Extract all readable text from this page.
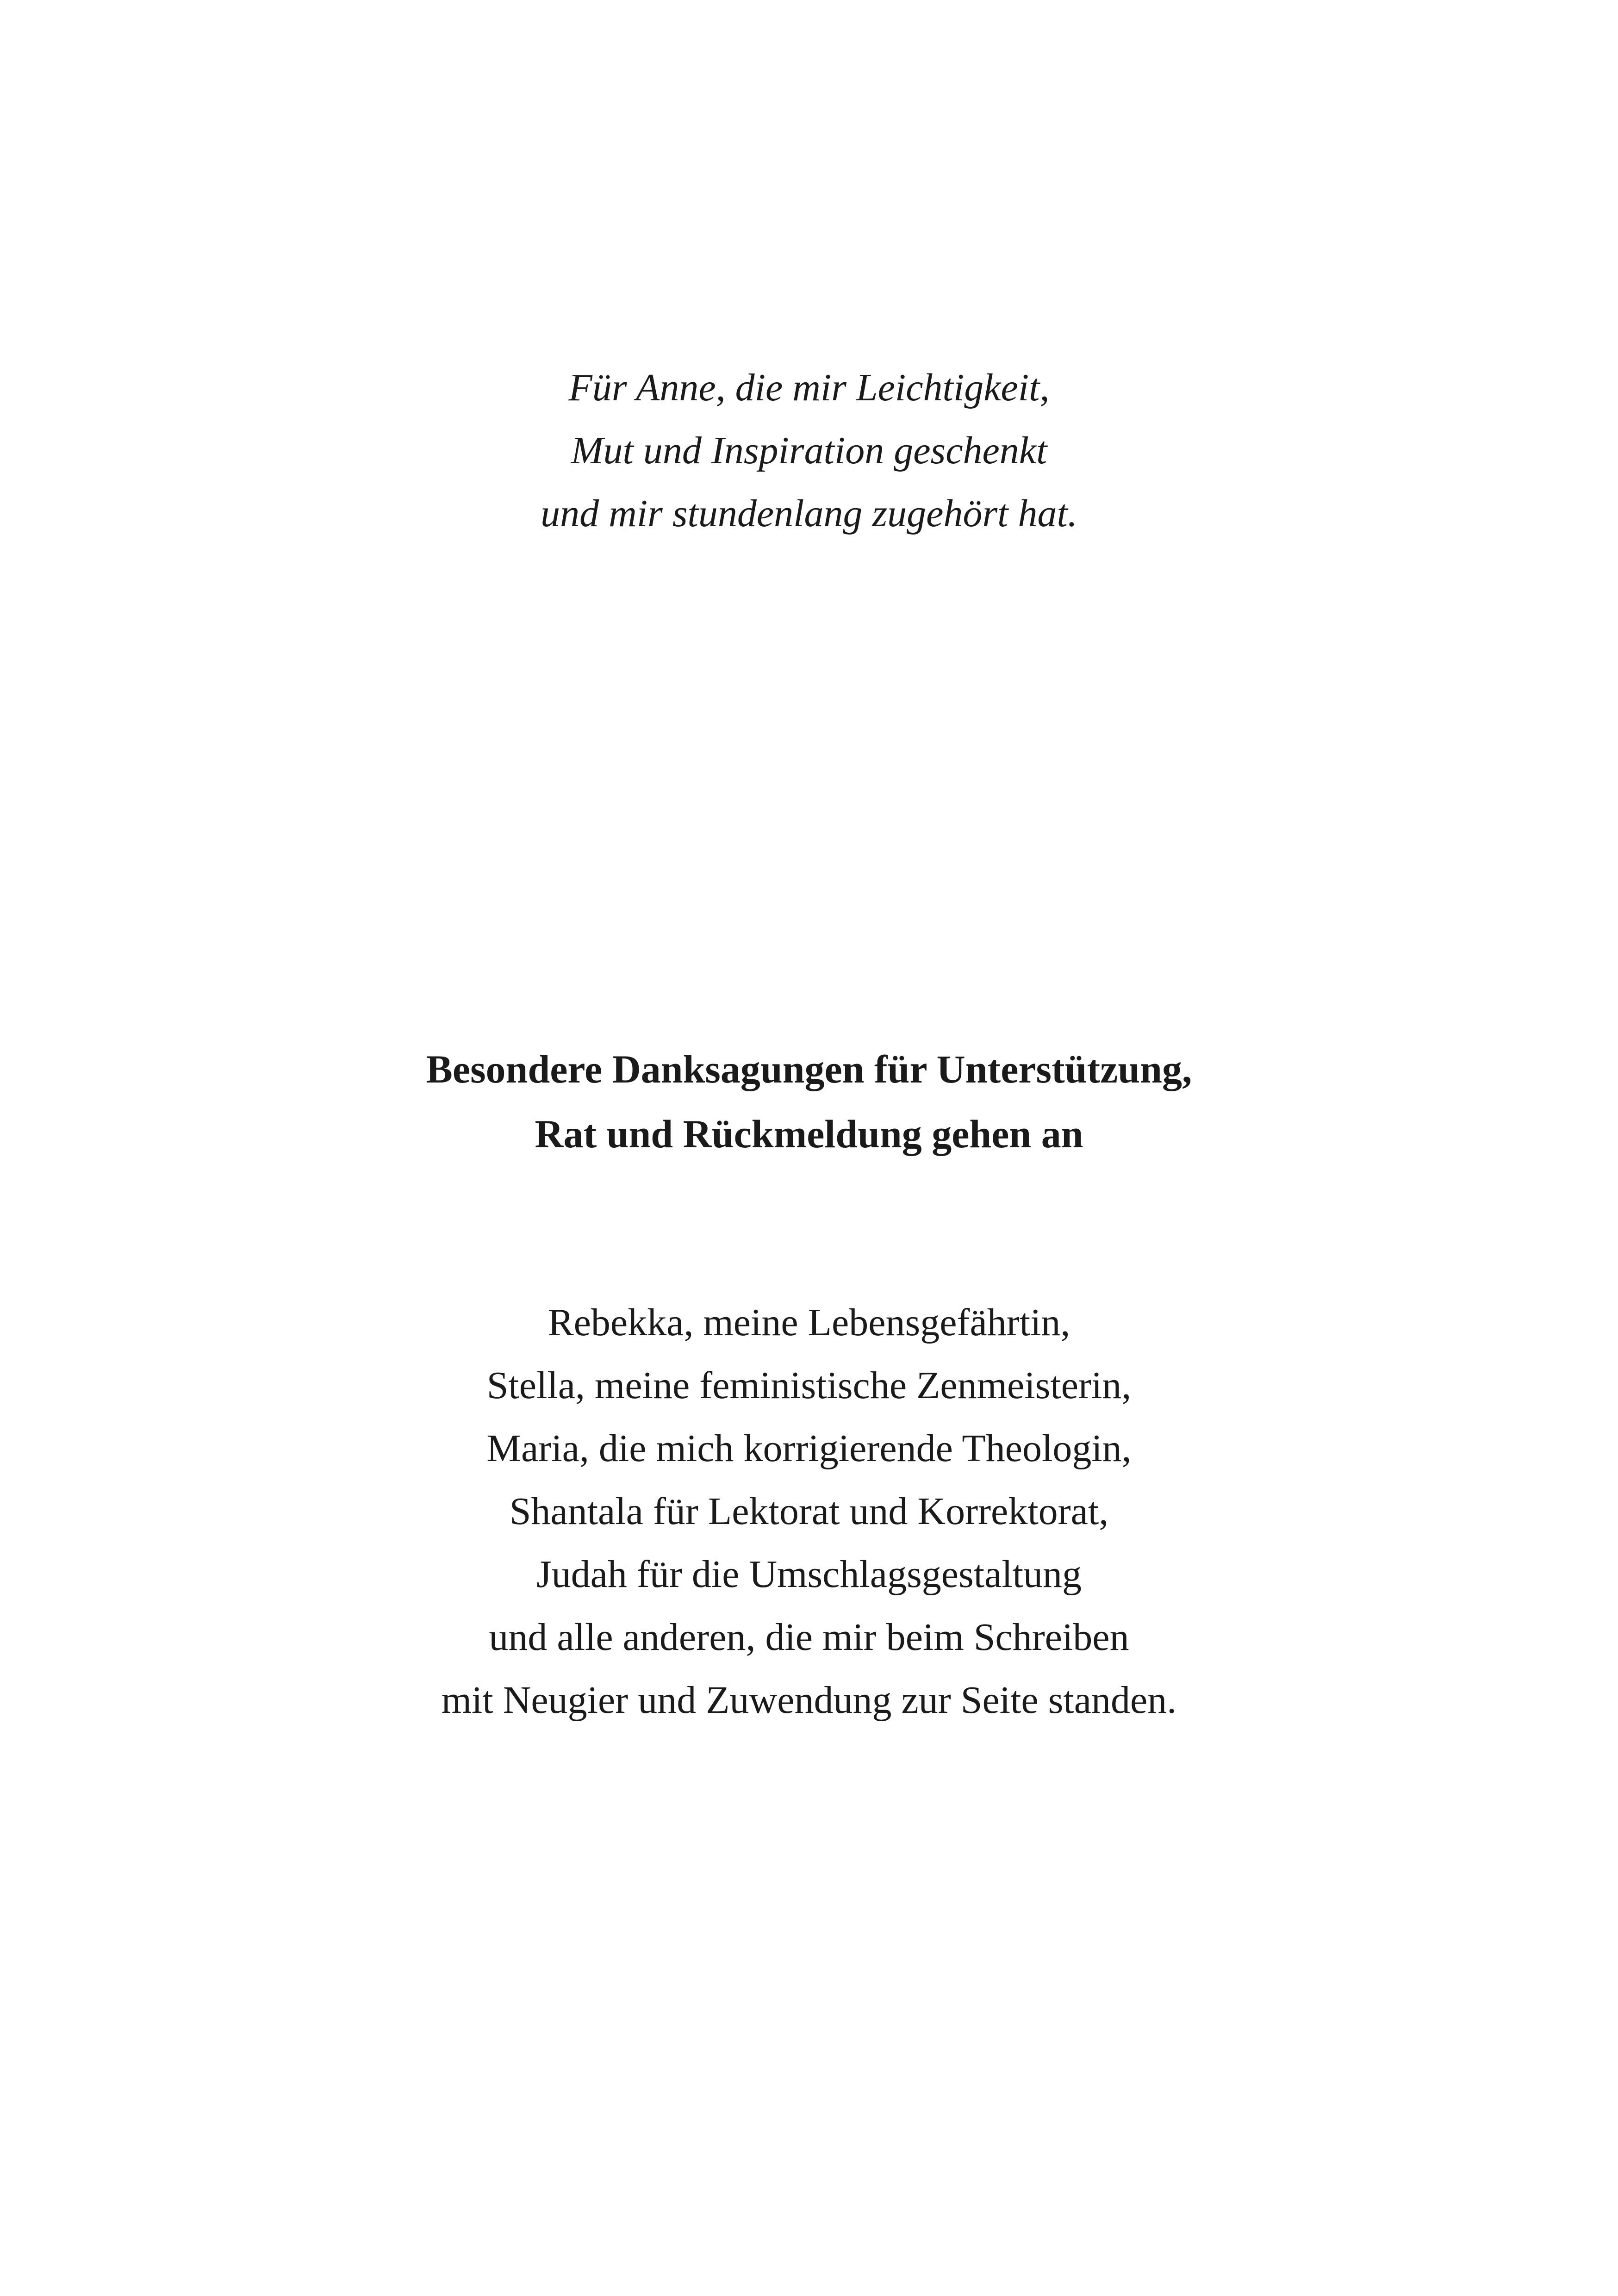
Für Anne, die mir Leichtigkeit,
Mut und Inspiration geschenkt
und mir stundenlang zugehört hat.
Besondere Danksagungen für Unterstützung,
Rat und Rückmeldung gehen an
Rebekka, meine Lebensgefährtin,
Stella, meine feministische Zenmeisterin,
Maria, die mich korrigierende Theologin,
Shantala für Lektorat und Korrektorat,
Judah für die Umschlagsgestaltung
und alle anderen, die mir beim Schreiben
mit Neugier und Zuwendung zur Seite standen.
